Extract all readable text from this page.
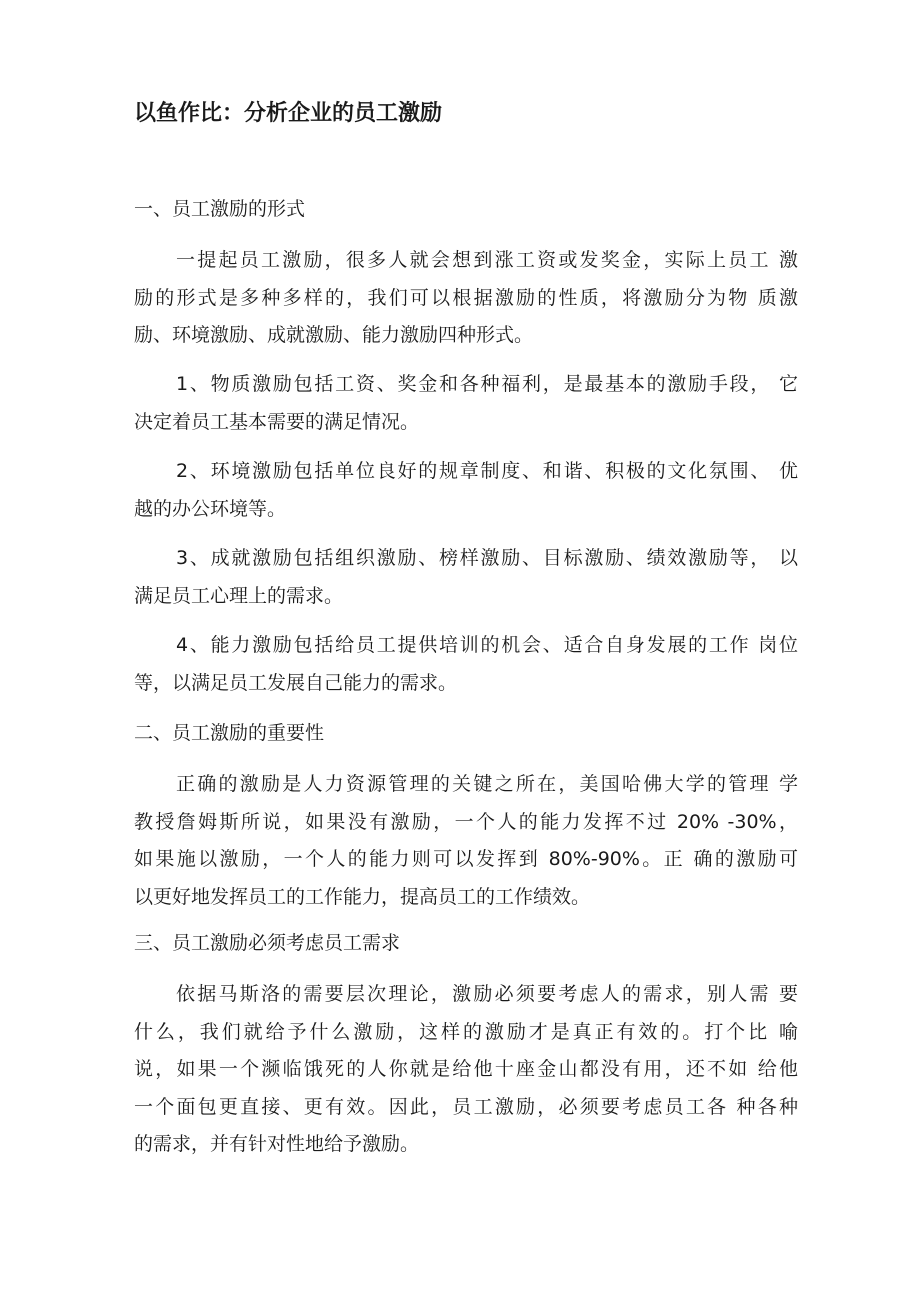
以鱼作比：分析企业的员工激励
一、员工激励的形式
一提起员工激励，很多人就会想到涨工资或发奖金，实际上员工 激
励的形式是多种多样的，我们可以根据激励的性质，将激励分为物 质激
励、环境激励、成就激励、能力激励四种形式。
1、物质激励包括工资、奖金和各种福利，是最基本的激励手段， 它
决定着员工基本需要的满足情况。
2、环境激励包括单位良好的规章制度、和谐、积极的文化氛围、 优
越的办公环境等。
3、成就激励包括组织激励、榜样激励、目标激励、绩效激励等， 以
满足员工心理上的需求。
4、能力激励包括给员工提供培训的机会、适合自身发展的工作 岗位
等，以满足员工发展自己能力的需求。
二、员工激励的重要性
正确的激励是人力资源管理的关键之所在，美国哈佛大学的管理 学
教授詹姆斯所说，如果没有激励，一个人的能力发挥不过 20% -30%，
如果施以激励，一个人的能力则可以发挥到 80%-90%。正 确的激励可
以更好地发挥员工的工作能力，提高员工的工作绩效。
三、员工激励必须考虑员工需求
依据马斯洛的需要层次理论，激励必须要考虑人的需求，别人需 要
什么，我们就给予什么激励，这样的激励才是真正有效的。打个比 喻
说，如果一个濒临饿死的人你就是给他十座金山都没有用，还不如 给他
一个面包更直接、更有效。因此，员工激励，必须要考虑员工各 种各种
的需求，并有针对性地给予激励。
